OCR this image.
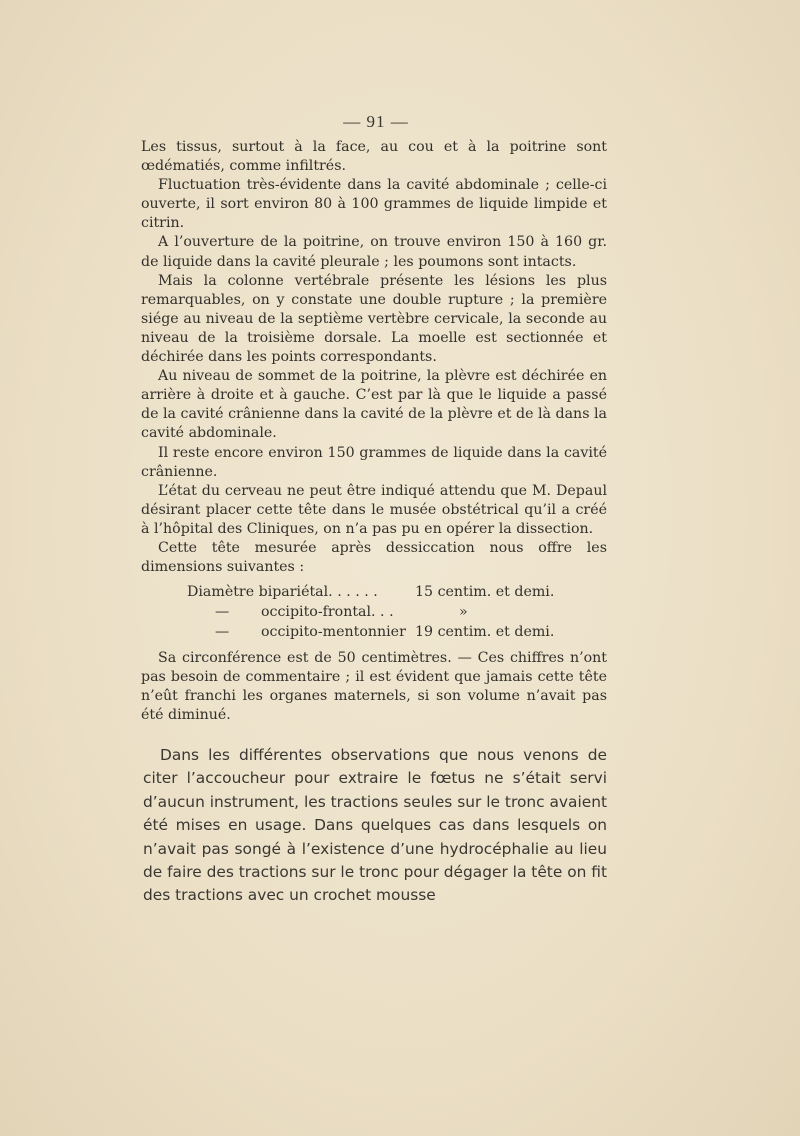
— 91 —

Les tissus, surtout à la face, au cou et à la poitrine sont œdématiés, comme infiltrés.

Fluctuation très-évidente dans la cavité abdominale ; celle-ci ouverte, il sort environ 80 à 100 grammes de liquide limpide et citrin.

A l’ouverture de la poitrine, on trouve environ 150 à 160 gr. de liquide dans la cavité pleurale ; les poumons sont intacts.

Mais la colonne vertébrale présente les lésions les plus remarquables, on y constate une double rupture ; la première siége au niveau de la septième vertèbre cervicale, la seconde au niveau de la troisième dorsale. La moelle est sectionnée et déchirée dans les points correspondants.

Au niveau de sommet de la poitrine, la plèvre est déchirée en arrière à droite et à gauche. C’est par là que le liquide a passé de la cavité crânienne dans la cavité de la plèvre et de là dans la cavité abdominale.

Il reste encore environ 150 grammes de liquide dans la cavité crânienne.

L’état du cerveau ne peut être indiqué attendu que M. Depaul désirant placer cette tête dans le musée obstétrical qu’il a créé à l’hôpital des Cliniques, on n’a pas pu en opérer la dissection.

Cette tête mesurée après dessiccation nous offre les dimensions suivantes :

Diamètre bipariétal. . . . . .	15 centim. et demi.
— occipito-frontal. . .	»
— occipito-mentonnier 19 centim. et demi.

Sa circonférence est de 50 centimètres. — Ces chiffres n’ont pas besoin de commentaire ; il est évident que jamais cette tête n’eût franchi les organes maternels, si son volume n’avait pas été diminué.

Dans les différentes observations que nous venons de citer l’accoucheur pour extraire le fœtus ne s’était servi d’aucun instrument, les tractions seules sur le tronc avaient été mises en usage. Dans quelques cas dans lesquels on n’avait pas songé à l’existence d’une hydrocéphalie au lieu de faire des tractions sur le tronc pour dégager la tête on fit des tractions avec un crochet mousse
